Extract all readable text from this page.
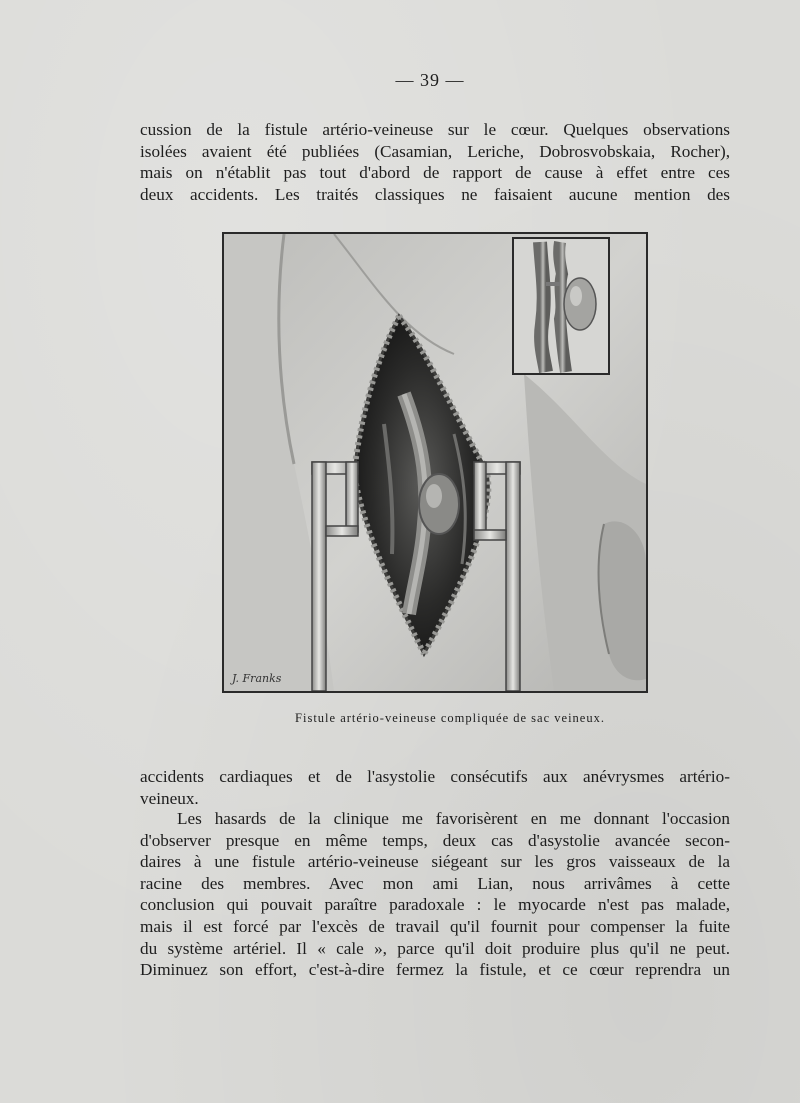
— 39 —
cussion de la fistule artério-veineuse sur le cœur. Quelques observations
isolées avaient été publiées (Casamian, Leriche, Dobrosvobskaia, Rocher),
mais on n'établit pas tout d'abord de rapport de cause à effet entre ces
deux accidents. Les traités classiques ne faisaient aucune mention des
J. Franks
Fistule artério-veineuse compliquée de sac veineux.
accidents cardiaques et de l'asystolie consécutifs aux anévrysmes artério-
veineux.
Les hasards de la clinique me favorisèrent en me donnant l'occasion
d'observer presque en même temps, deux cas d'asystolie avancée secon-
daires à une fistule artério-veineuse siégeant sur les gros vaisseaux de la
racine des membres. Avec mon ami Lian, nous arrivâmes à cette
conclusion qui pouvait paraître paradoxale : le myocarde n'est pas malade,
mais il est forcé par l'excès de travail qu'il fournit pour compenser la fuite
du système artériel. Il « cale », parce qu'il doit produire plus qu'il ne peut.
Diminuez son effort, c'est-à-dire fermez la fistule, et ce cœur reprendra un
